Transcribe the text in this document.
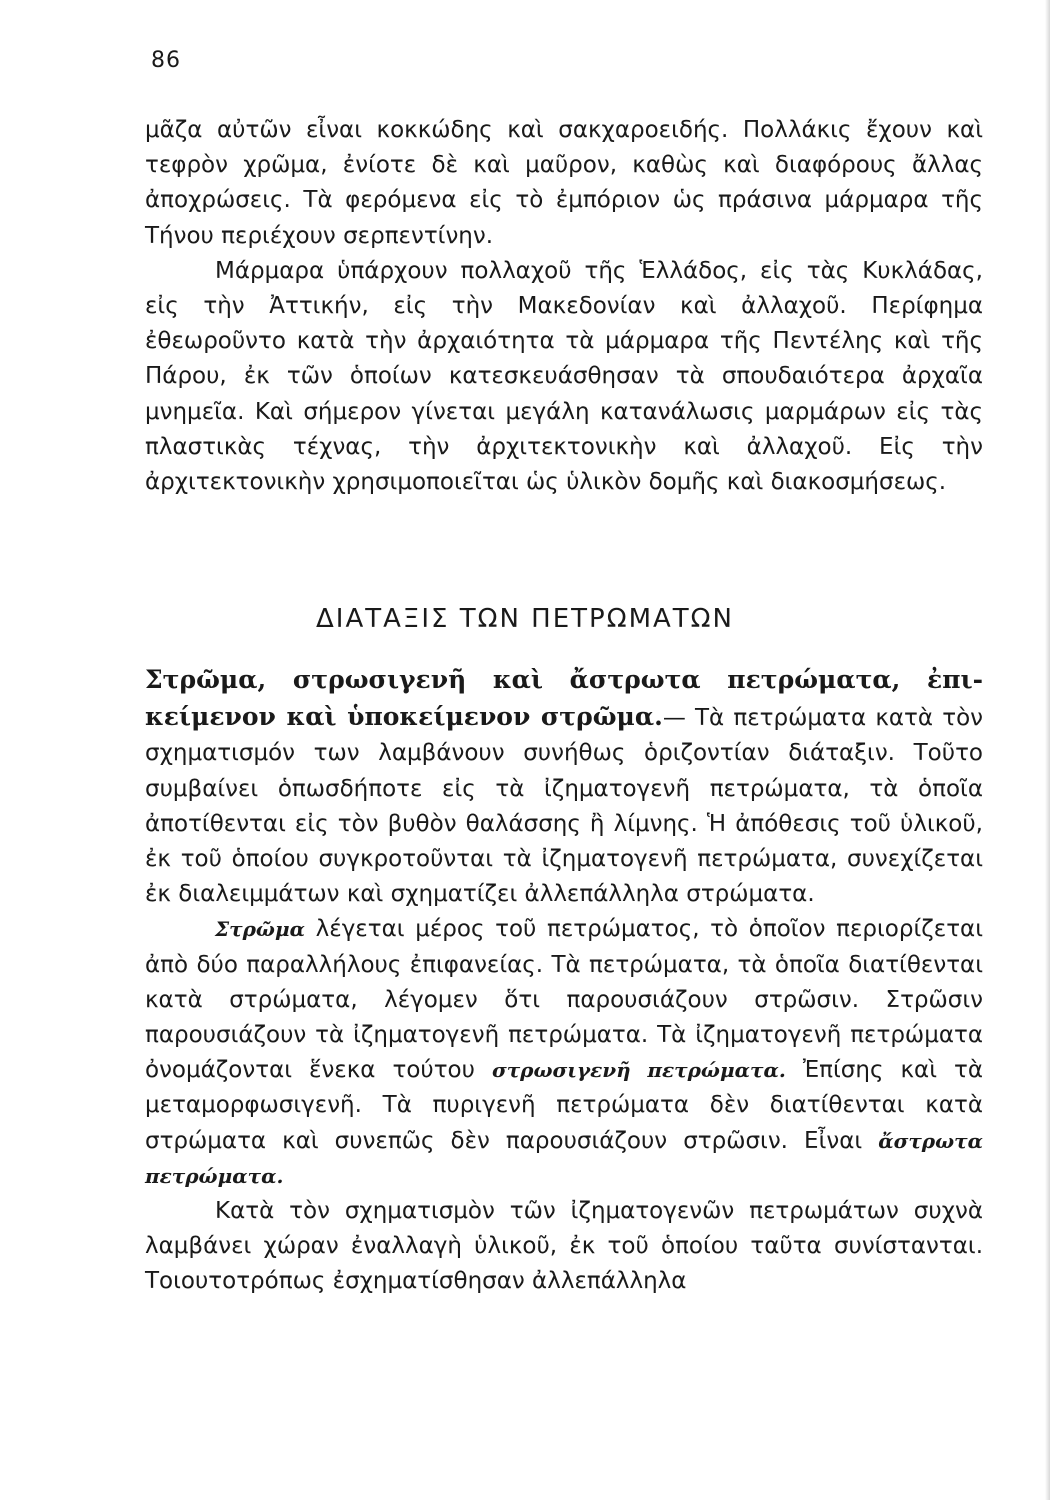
86

μᾶζα αὐτῶν εἶναι κοκκώδης καὶ σακχαροειδής. Πολλάκις ἔχουν καὶ τεφρὸν χρῶμα, ἐνίοτε δὲ καὶ μαῦρον, καθὼς καὶ διαφόρους ἄλλας ἀποχρώσεις. Τὰ φερόμενα εἰς τὸ ἐμπόριον ὡς πράσινα μάρμαρα τῆς Τήνου περιέχουν σερπεντίνην.

Μάρμαρα ὑπάρχουν πολλαχοῦ τῆς Ἑλλάδος, εἰς τὰς Κυκλάδας, εἰς τὴν Ἀττικήν, εἰς τὴν Μακεδονίαν καὶ ἀλλαχοῦ. Περίφημα ἐθεωροῦντο κατὰ τὴν ἀρχαιότητα τὰ μάρμαρα τῆς Πεντέλης καὶ τῆς Πάρου, ἐκ τῶν ὁποίων κατεσκευάσθησαν τὰ σπουδαιότερα ἀρχαῖα μνημεῖα. Καὶ σήμερον γίνεται μεγάλη κατανάλωσις μαρμάρων εἰς τὰς πλαστικὰς τέχνας, τὴν ἀρχιτεκτονικὴν καὶ ἀλλαχοῦ. Εἰς τὴν ἀρχιτεκτονικὴν χρησιμοποιεῖται ὡς ὑλικὸν δομῆς καὶ διακοσμήσεως.

ΔΙΑΤΑΞΙΣ ΤΩΝ ΠΕΤΡΩΜΑΤΩΝ

Στρῶμα, στρωσιγενῆ καὶ ἄστρωτα πετρώματα, ἐπικείμενον καὶ ὑποκείμενον στρῶμα.— Τὰ πετρώματα κατὰ τὸν σχηματισμόν των λαμβάνουν συνήθως ὁριζοντίαν διάταξιν. Τοῦτο συμβαίνει ὁπωσδήποτε εἰς τὰ ἰζηματογενῆ πετρώματα, τὰ ὁποῖα ἀποτίθενται εἰς τὸν βυθὸν θαλάσσης ἢ λίμνης. Ἡ ἀπόθεσις τοῦ ὑλικοῦ, ἐκ τοῦ ὁποίου συγκροτοῦνται τὰ ἰζηματογενῆ πετρώματα, συνεχίζεται ἐκ διαλειμμάτων καὶ σχηματίζει ἀλλεπάλληλα στρώματα.

Στρῶμα λέγεται μέρος τοῦ πετρώματος, τὸ ὁποῖον περιορίζεται ἀπὸ δύο παραλλήλους ἐπιφανείας. Τὰ πετρώματα, τὰ ὁποῖα διατίθενται κατὰ στρώματα, λέγομεν ὅτι παρουσιάζουν στρῶσιν. Στρῶσιν παρουσιάζουν τὰ ἰζηματογενῆ πετρώματα. Τὰ ἰζηματογενῆ πετρώματα ὀνομάζονται ἕνεκα τούτου στρωσιγενῆ πετρώματα. Ἐπίσης καὶ τὰ μεταμορφωσιγενῆ. Τὰ πυριγενῆ πετρώματα δὲν διατίθενται κατὰ στρώματα καὶ συνεπῶς δὲν παρουσιάζουν στρῶσιν. Εἶναι ἄστρωτα πετρώματα.

Κατὰ τὸν σχηματισμὸν τῶν ἰζηματογενῶν πετρωμάτων συχνὰ λαμβάνει χώραν ἐναλλαγὴ ὑλικοῦ, ἐκ τοῦ ὁποίου ταῦτα συνίστανται. Τοιουτοτρόπως ἐσχηματίσθησαν ἀλλεπάλληλα
